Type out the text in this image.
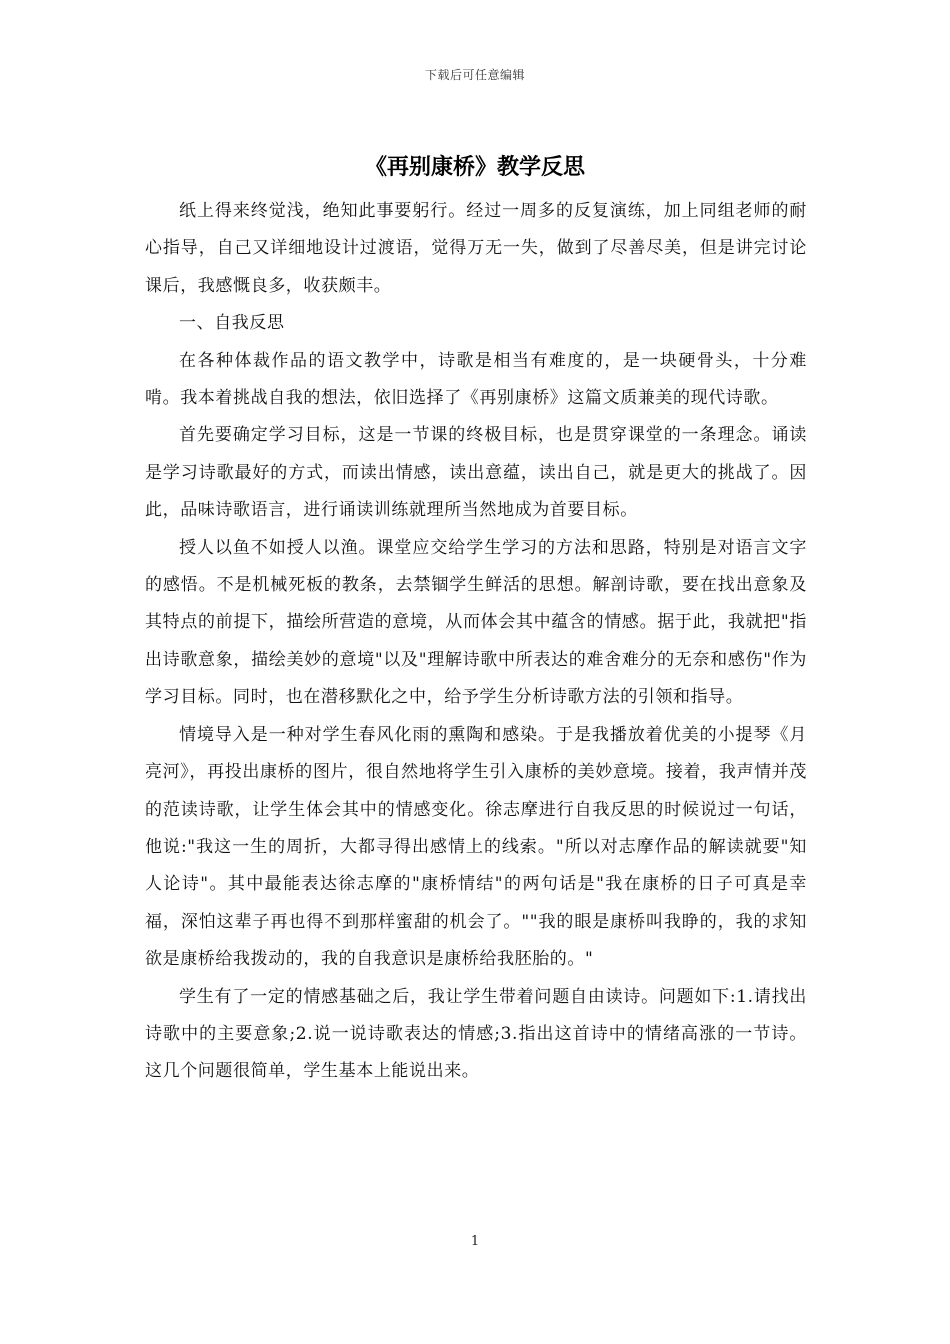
下载后可任意编辑
《再别康桥》教学反思

纸上得来终觉浅，绝知此事要躬行。经过一周多的反复演练，加上同组老师的耐心指导，自己又详细地设计过渡语，觉得万无一失，做到了尽善尽美，但是讲完讨论课后，我感慨良多，收获颇丰。

一、自我反思

在各种体裁作品的语文教学中，诗歌是相当有难度的，是一块硬骨头，十分难啃。我本着挑战自我的想法，依旧选择了《再别康桥》这篇文质兼美的现代诗歌。

首先要确定学习目标，这是一节课的终极目标，也是贯穿课堂的一条理念。诵读是学习诗歌最好的方式，而读出情感，读出意蕴，读出自己，就是更大的挑战了。因此，品味诗歌语言，进行诵读训练就理所当然地成为首要目标。

授人以鱼不如授人以渔。课堂应交给学生学习的方法和思路，特别是对语言文字的感悟。不是机械死板的教条，去禁锢学生鲜活的思想。解剖诗歌，要在找出意象及其特点的前提下，描绘所营造的意境，从而体会其中蕴含的情感。据于此，我就把"指出诗歌意象，描绘美妙的意境"以及"理解诗歌中所表达的难舍难分的无奈和感伤"作为学习目标。同时，也在潜移默化之中，给予学生分析诗歌方法的引领和指导。

情境导入是一种对学生春风化雨的熏陶和感染。于是我播放着优美的小提琴《月亮河》，再投出康桥的图片，很自然地将学生引入康桥的美妙意境。接着，我声情并茂的范读诗歌，让学生体会其中的情感变化。徐志摩进行自我反思的时候说过一句话，他说:"我这一生的周折，大都寻得出感情上的线索。"所以对志摩作品的解读就要"知人论诗"。其中最能表达徐志摩的"康桥情结"的两句话是"我在康桥的日子可真是幸福，深怕这辈子再也得不到那样蜜甜的机会了。""我的眼是康桥叫我睁的，我的求知欲是康桥给我拨动的，我的自我意识是康桥给我胚胎的。"

学生有了一定的情感基础之后，我让学生带着问题自由读诗。问题如下:1.请找出诗歌中的主要意象;2.说一说诗歌表达的情感;3.指出这首诗中的情绪高涨的一节诗。这几个问题很简单，学生基本上能说出来。

1
